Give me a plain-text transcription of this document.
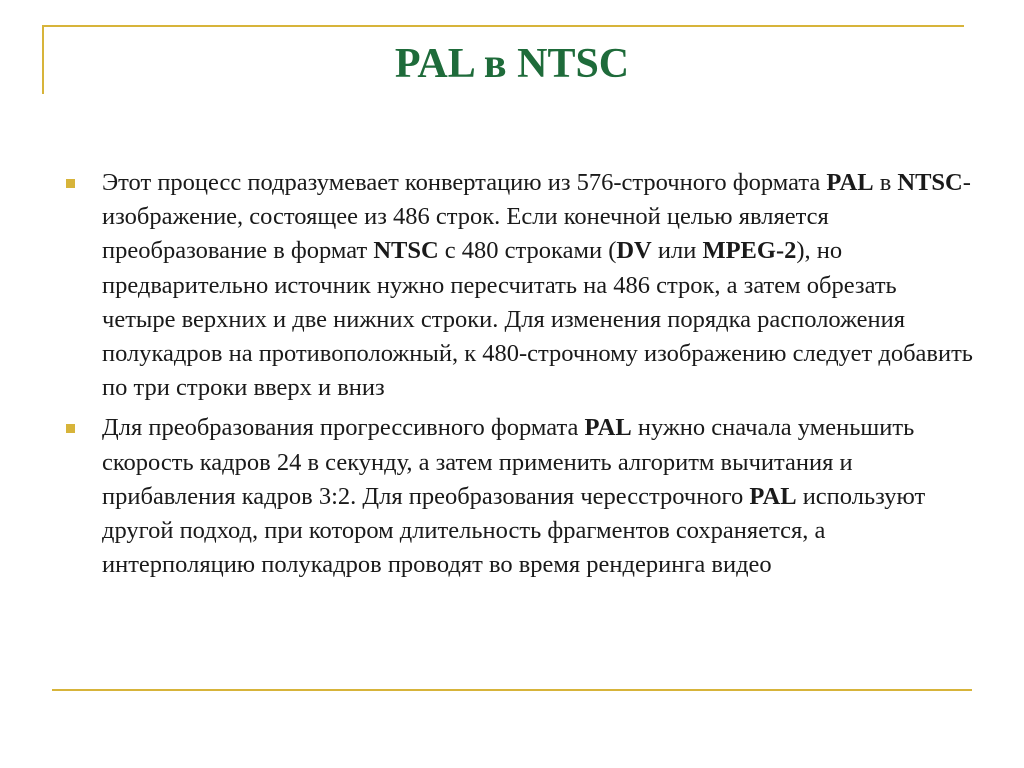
PAL в NTSC
Этот процесс подразумевает конвертацию из 576-строчного формата PAL в NTSC-изображение, состоящее из 486 строк. Если конечной целью является преобразование в формат NTSC с 480 строками (DV или MPEG-2), но предварительно источник нужно пересчитать на 486 строк, а затем обрезать четыре верхних и две нижних строки. Для изменения порядка расположения полукадров на противоположный, к 480-строчному изображению следует добавить по три строки вверх и вниз
Для преобразования прогрессивного формата PAL нужно сначала уменьшить скорость кадров 24 в секунду, а затем применить алгоритм вычитания и прибавления кадров 3:2. Для преобразования чересстрочного PAL используют другой подход, при котором длительность фрагментов сохраняется, а интерполяцию полукадров проводят во время рендеринга видео
